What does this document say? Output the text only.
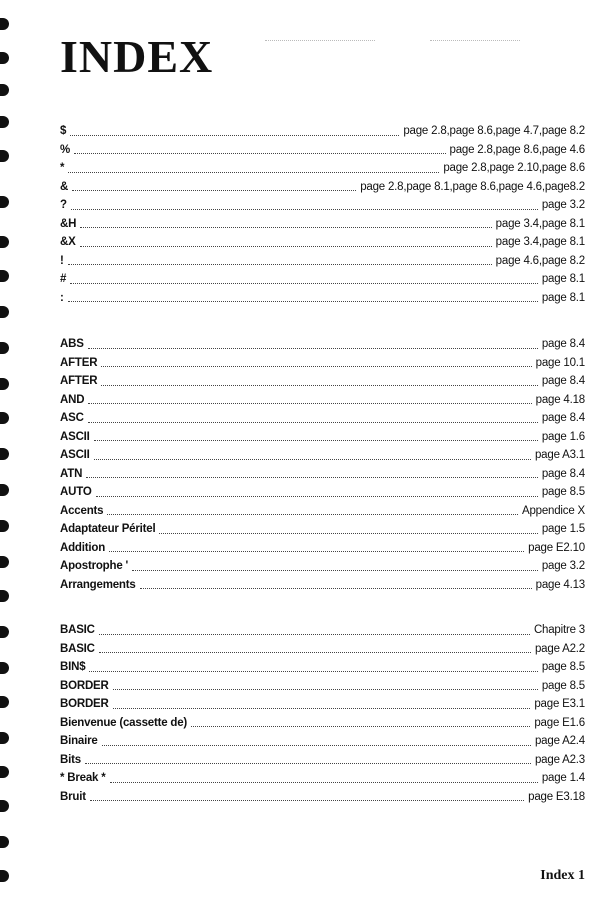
INDEX
$	page 2.8,page 8.6,page 4.7,page 8.2
%	page 2.8,page 8.6,page 4.6
*	page 2.8,page 2.10,page 8.6
&	page 2.8,page 8.1,page 8.6,page 4.6,page8.2
?	page 3.2
&H	page 3.4,page 8.1
&X	page 3.4,page 8.1
!	page 4.6,page 8.2
#	page 8.1
:	page 8.1
ABS	page 8.4
AFTER	page 10.1
AFTER	page 8.4
AND	page 4.18
ASC	page 8.4
ASCII	page 1.6
ASCII	page A3.1
ATN	page 8.4
AUTO	page 8.5
Accents	Appendice X
Adaptateur Péritel	page 1.5
Addition	page E2.10
Apostrophe '	page 3.2
Arrangements	page 4.13
BASIC	Chapitre 3
BASIC	page A2.2
BIN$	page 8.5
BORDER	page 8.5
BORDER	page E3.1
Bienvenue (cassette de)	page E1.6
Binaire	page A2.4
Bits	page A2.3
* Break *	page 1.4
Bruit	page E3.18
Index 1
